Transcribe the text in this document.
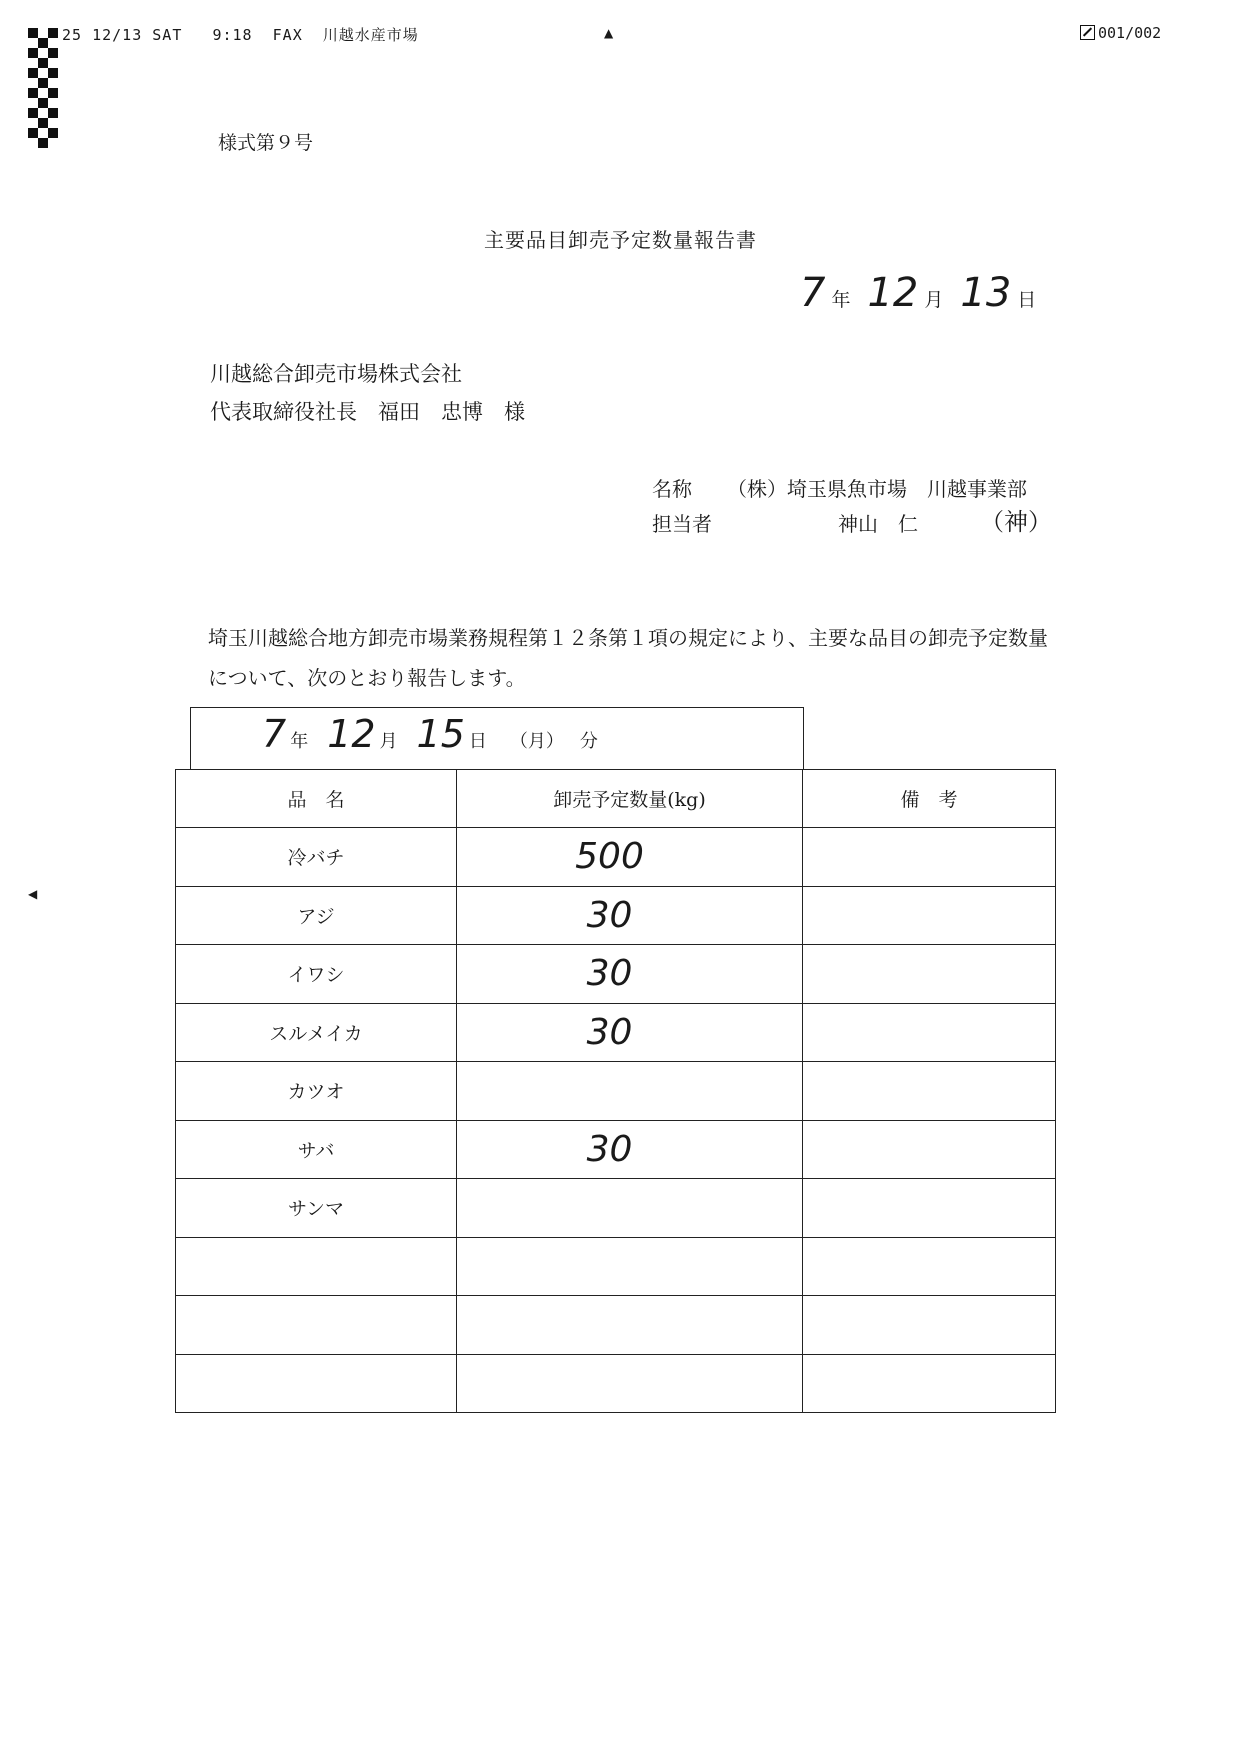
25 12/13 SAT   9:18  FAX  川越水産市場	▲	001/002
◀
様式第９号
主要品目卸売予定数量報告書
7 年 12 月 13 日
川越総合卸売市場株式会社
代表取締役社長　福田　忠博　様
名称 （株）埼玉県魚市場　川越事業部
担当者	神山　仁	（神）
埼玉川越総合地方卸売市場業務規程第１２条第１項の規定により、主要な品目の卸売予定数量について、次のとおり報告します。
7 年 12 月 15 日 （月） 分
品　名	卸売予定数量(kg)	備　考
冷バチ	500	
アジ	30	
イワシ	30	
スルメイカ	30	
カツオ		
サバ	30	
サンマ		
